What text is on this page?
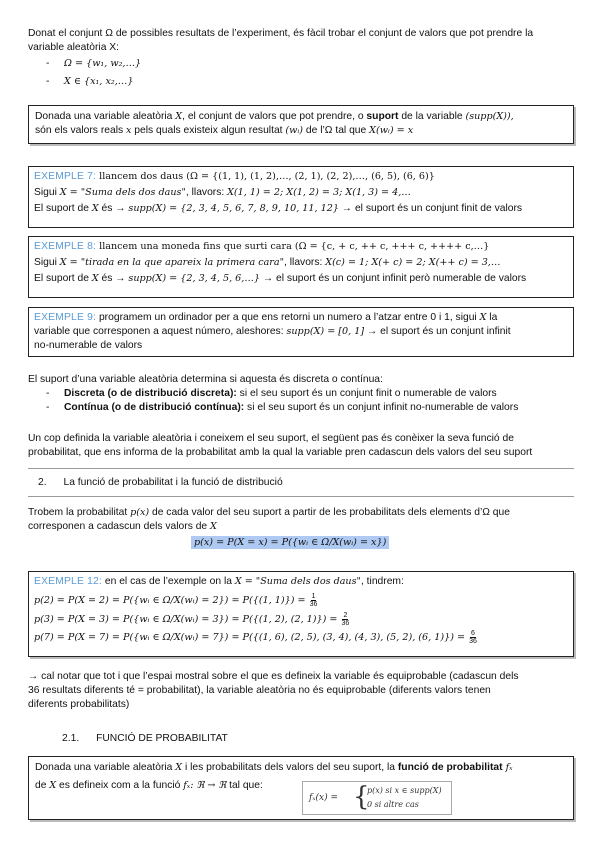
Donat el conjunt Ω de possibles resultats de l’experiment, és fàcil trobar el conjunt de valors que pot prendre la
variable aleatòria X:
-	Ω = {w₁, w₂,…}
-	X ∈ {x₁, x₂,…}
Donada una variable aleatòria X, el conjunt de valors que pot prendre, o suport de la variable (supp(X)),
són els valors reals x pels quals existeix algun resultat (wᵢ) de l’Ω tal que X(wᵢ) = x
EXEMPLE 7: llancem dos daus (Ω = {(1, 1), (1, 2),…, (2, 1), (2, 2),…, (6, 5), (6, 6)}
Sigui X = "Suma dels dos daus", llavors: X(1, 1) = 2; X(1, 2) = 3; X(1, 3) = 4,…
El suport de X és → supp(X) = {2, 3, 4, 5, 6, 7, 8, 9, 10, 11, 12} → el suport és un conjunt finit de valors
EXEMPLE 8: llancem una moneda fins que surti cara (Ω = {c, + c, ++ c, +++ c, ++++ c,…}
Sigui X = "tirada en la que apareix la primera cara", llavors: X(c) = 1; X(+ c) = 2; X(++ c) = 3,…
El suport de X és → supp(X) = {2, 3, 4, 5, 6,…} → el suport és un conjunt infinit però numerable de valors
EXEMPLE 9: programem un ordinador per a que ens retorni un numero a l’atzar entre 0 i 1, sigui X la
variable que corresponen a aquest número, aleshores: supp(X) = [0, 1] → el suport és un conjunt infinit
no-numerable de valors
El suport d’una variable aleatòria determina si aquesta és discreta o contínua:
-	Discreta (o de distribució discreta): si el seu suport és un conjunt finit o numerable de valors
-	Contínua (o de distribució contínua): si el seu suport és un conjunt infinit no-numerable de valors
Un cop definida la variable aleatòria i coneixem el seu suport, el següent pas és conèixer la seva funció de
probabilitat, que ens informa de la probabilitat amb la qual la variable pren cadascun dels valors del seu suport
2. La funció de probabilitat i la funció de distribució
Trobem la probabilitat p(x) de cada valor del seu suport a partir de les probabilitats dels elements d’Ω que
corresponen a cadascun dels valors de X
p(x) = P(X = x) = P({wᵢ ∈ Ω/X(wᵢ) = x})
EXEMPLE 12: en el cas de l’exemple on la X = "Suma dels dos daus", tindrem:
p(2) = P(X = 2) = P({wᵢ ∈ Ω/X(wᵢ) = 2}) = P({(1, $1)\}) = \frac{1}{36}$
p(3) = P(X = 3) = P({wᵢ ∈ Ω/X(wᵢ) = 3}) = P({(1, 2), (2, $1)\}) = \frac{2}{36}$
p(7) = P(X = 7) = P({wᵢ ∈ Ω/X(wᵢ) = 7}) = P({(1, 6), (2, 5), (3, 4), (4, 3), (5, 2), (6, $1)\}) = \frac{6}{36}$
→ cal notar que tot i que l’espai mostral sobre el que es defineix la variable és equiprobable (cadascun dels
36 resultats diferents té = probabilitat), la variable aleatòria no és equiprobable (diferents valors tenen
diferents probabilitats)
2.1. FUNCIÓ DE PROBABILITAT
Donada una variable aleatòria X i les probabilitats dels valors del seu suport, la funció de probabilitat fₓ
de X es defineix com a la funció fₓ: ℜ → ℜ tal que:
fₓ(x) = {
p(x) si x ∈ supp(X)
0 si altre cas
